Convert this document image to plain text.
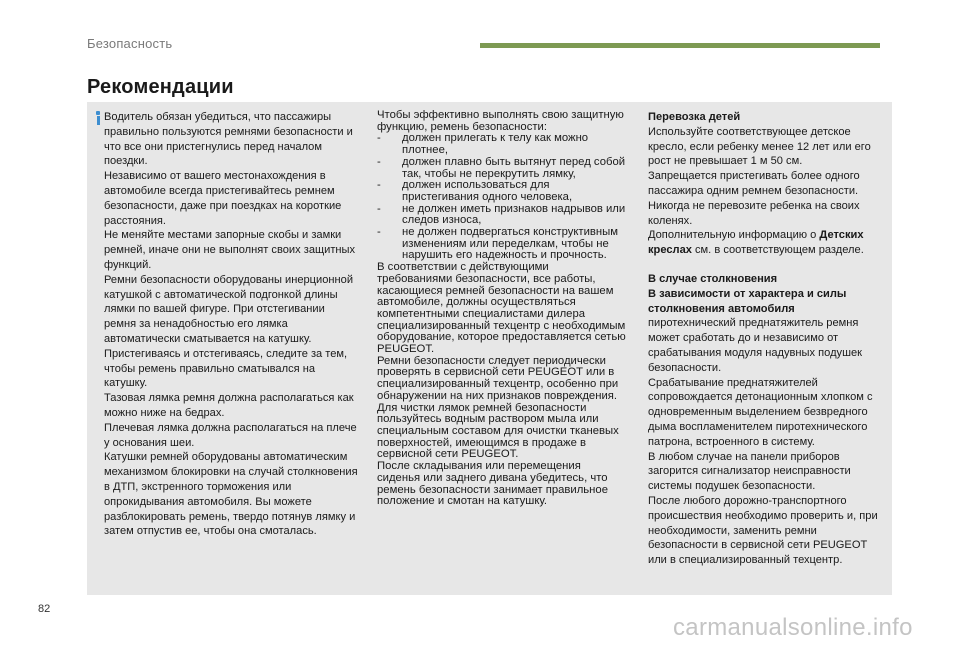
Безопасность
Рекомендации

Водитель обязан убедиться, что пассажиры правильно пользуются ремнями безопасности и что все они пристегнулись перед началом поездки.

Независимо от вашего местонахождения в автомобиле всегда пристегивайтесь ремнем безопасности, даже при поездках на короткие расстояния.

Не меняйте местами запорные скобы и замки ремней, иначе они не выполнят своих защитных функций.

Ремни безопасности оборудованы инерционной катушкой с автоматической подгонкой длины лямки по вашей фигуре. При отстегивании ремня за ненадобностью его лямка автоматически сматывается на катушку.

Пристегиваясь и отстегиваясь, следите за тем, чтобы ремень правильно сматывался на катушку.

Тазовая лямка ремня должна располагаться как можно ниже на бедрах.

Плечевая лямка должна располагаться на плече у основания шеи.

Катушки ремней оборудованы автоматическим механизмом блокировки на случай столкновения в ДТП, экстренного торможения или опрокидывания автомобиля. Вы можете разблокировать ремень, твердо потянув лямку и затем отпустив ее, чтобы она смоталась.

Чтобы эффективно выполнять свою защитную функцию, ремень безопасности:

- должен прилегать к телу как можно плотнее,
- должен плавно быть вытянут перед собой так, чтобы не перекрутить лямку,
- должен использоваться для пристегивания одного человека,
- не должен иметь признаков надрывов или следов износа,
- не должен подвергаться конструктивным изменениям или переделкам, чтобы не нарушить его надежность и прочность.

В соответствии с действующими требованиями безопасности, все работы, касающиеся ремней безопасности на вашем автомобиле, должны осуществляться компетентными специалистами дилера специализированный техцентр с необходимым оборудование, которое предоставляется сетью PEUGEOT.

Ремни безопасности следует периодически проверять в сервисной сети PEUGEOT или в специализированный техцентр, особенно при обнаружении на них признаков повреждения.

Для чистки лямок ремней безопасности пользуйтесь водным раствором мыла или специальным составом для очистки тканевых поверхностей, имеющимся в продаже в сервисной сети PEUGEOT.

После складывания или перемещения сиденья или заднего дивана убедитесь, что ремень безопасности занимает правильное положение и смотан на катушку.

Перевозка детей

Используйте соответствующее детское кресло, если ребенку менее 12 лет или его рост не превышает 1 м 50 см.

Запрещается пристегивать более одного пассажира одним ремнем безопасности.

Никогда не перевозите ребенка на своих коленях.

Дополнительную информацию о Детских креслах см. в соответствующем разделе.

В случае столкновения

В зависимости от характера и силы столкновения автомобиля

пиротехнический преднатяжитель ремня может сработать до и независимо от срабатывания модуля надувных подушек безопасности.

Срабатывание преднатяжителей сопровождается детонационным хлопком с одновременным выделением безвредного дыма воспламенителем пиротехнического патрона, встроенного в систему.

В любом случае на панели приборов загорится сигнализатор неисправности системы подушек безопасности.

После любого дорожно-транспортного происшествия необходимо проверить и, при необходимости, заменить ремни безопасности в сервисной сети PEUGEOT или в специализированный техцентр.

82
carmanualsonline.info
